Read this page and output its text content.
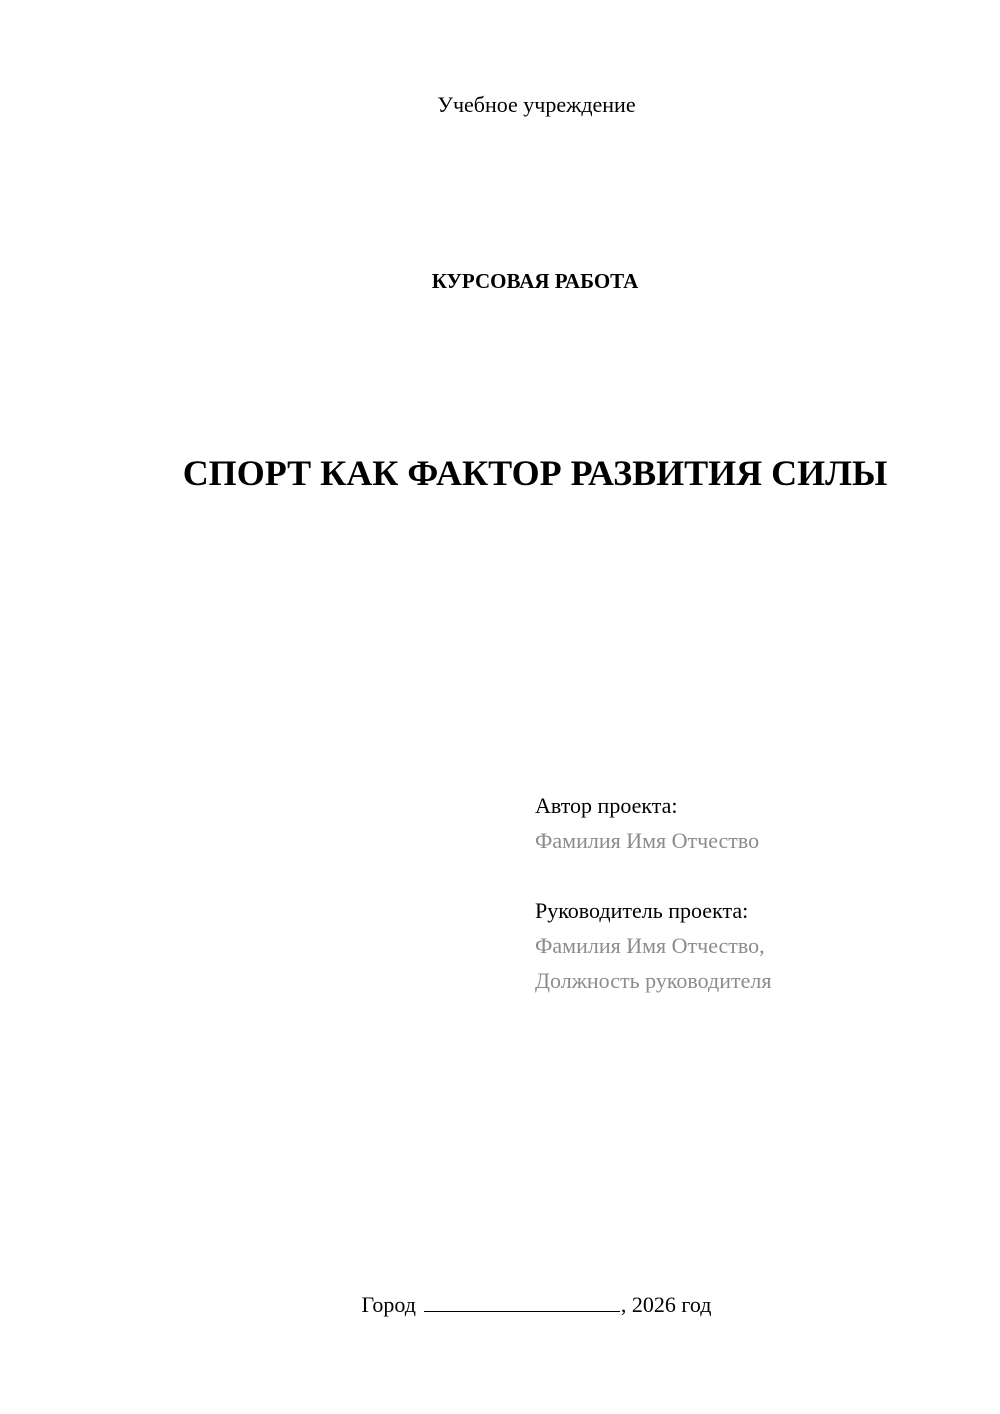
Учебное учреждение

КУРСОВАЯ РАБОТА

СПОРТ КАК ФАКТОР РАЗВИТИЯ СИЛЫ
Автор проекта:
Фамилия Имя Отчество
Руководитель проекта:
Фамилия Имя Отчество,
Должность руководителя
Город	, 2026 год
